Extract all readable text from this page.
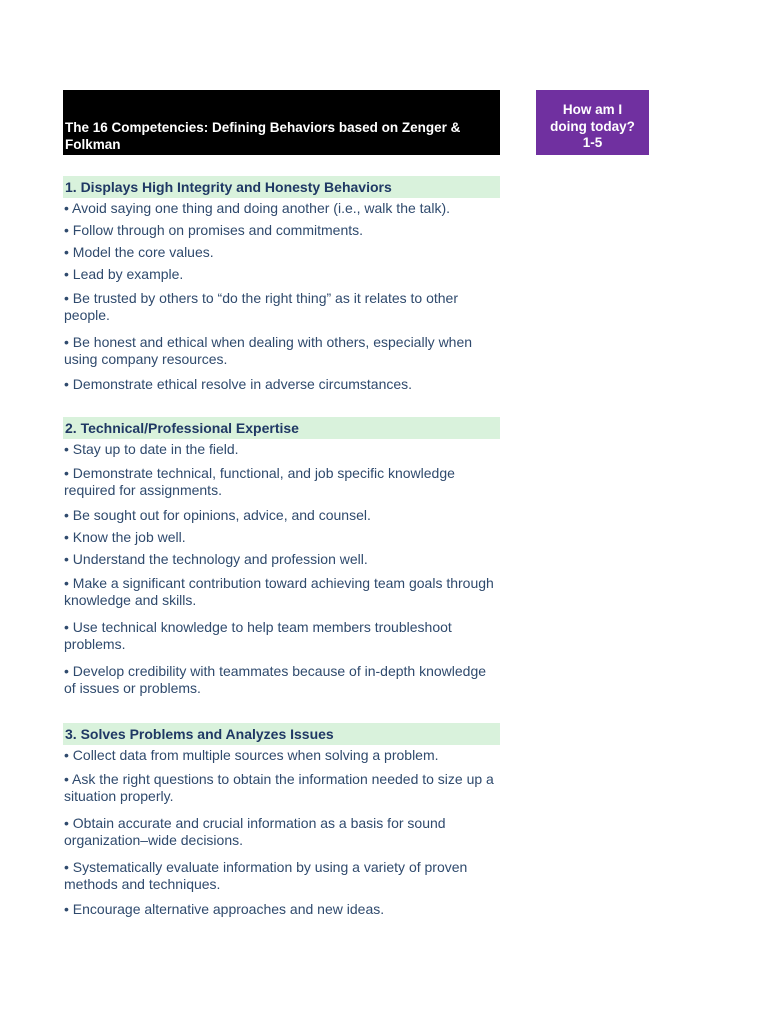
The 16 Competencies: Defining Behaviors based on Zenger & Folkman
How am I
doing today?
1-5
1. Displays High Integrity and Honesty Behaviors
• Avoid saying one thing and doing another (i.e., walk the talk).
• Follow through on promises and commitments.
• Model the core values.
• Lead by example.
• Be trusted by others to “do the right thing” as it relates to other people.
• Be honest and ethical when dealing with others, especially when using company resources.
• Demonstrate ethical resolve in adverse circumstances.
2. Technical/Professional Expertise
• Stay up to date in the field.
• Demonstrate technical, functional, and job specific knowledge required for assignments.
• Be sought out for opinions, advice, and counsel.
• Know the job well.
• Understand the technology and profession well.
• Make a significant contribution toward achieving team goals through knowledge and skills.
• Use technical knowledge to help team members troubleshoot problems.
• Develop credibility with teammates because of in-depth knowledge of issues or problems.
3. Solves Problems and Analyzes Issues
• Collect data from multiple sources when solving a problem.
• Ask the right questions to obtain the information needed to size up a situation properly.
• Obtain accurate and crucial information as a basis for sound organization–wide decisions.
• Systematically evaluate information by using a variety of proven methods and techniques.
• Encourage alternative approaches and new ideas.
